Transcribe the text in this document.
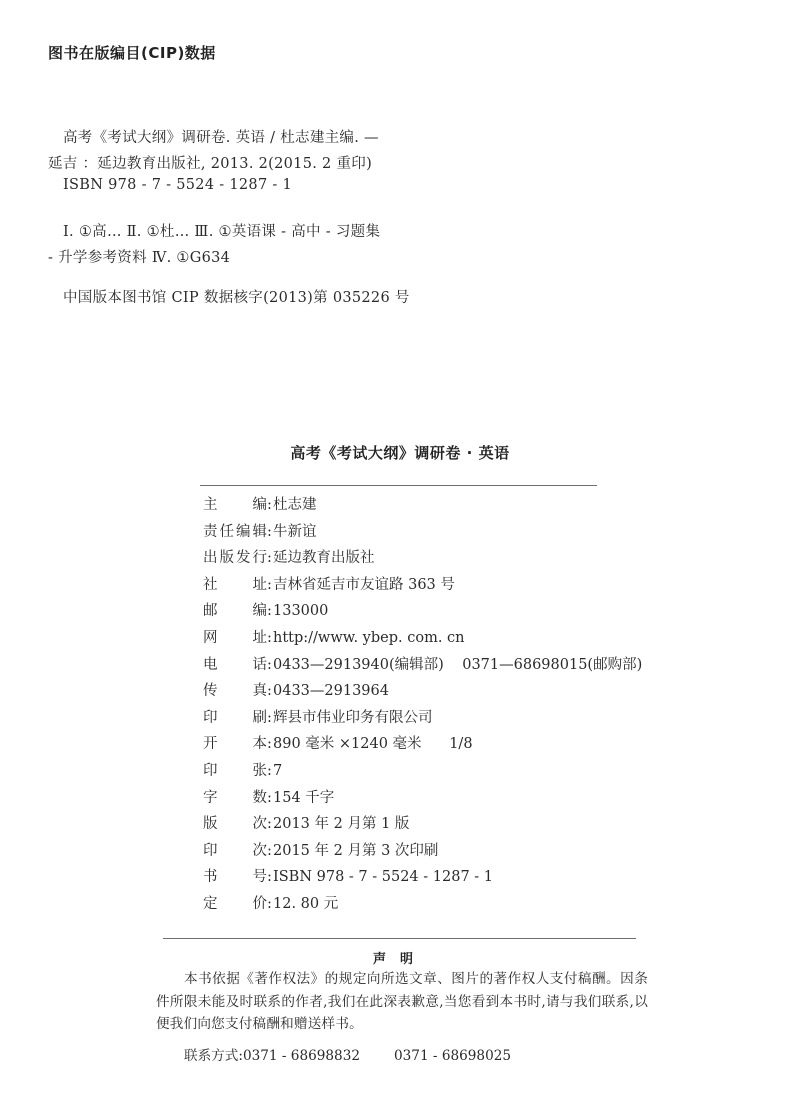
图书在版编目(CIP)数据
高考《考试大纲》调研卷. 英语 / 杜志建主编. —
延吉 ：延边教育出版社, 2013. 2(2015. 2 重印)
ISBN 978 - 7 - 5524 - 1287 - 1
Ⅰ. ①高… Ⅱ. ①杜… Ⅲ. ①英语课 - 高中 - 习题集
- 升学参考资料 Ⅳ. ①G634
中国版本图书馆 CIP 数据核字(2013)第 035226 号
高考《考试大纲》调研卷 · 英语
主 编 : 杜志建
责 任 编 辑 : 牛新谊
出 版 发 行 : 延边教育出版社
社 址 : 吉林省延吉市友谊路 363 号
邮 编 : 133000
网 址 : http://www. ybep. com. cn
电 话 : 0433—2913940(编辑部)    0371—68698015(邮购部)
传 真 : 0433—2913964
印 刷 : 辉县市伟业印务有限公司
开 本 : 890 毫米 ×1240 毫米      1/8
印 张 : 7
字 数 : 154 千字
版 次 : 2013 年 2 月第 1 版
印 次 : 2015 年 2 月第 3 次印刷
书 号 : ISBN 978 - 7 - 5524 - 1287 - 1
定 价 : 12. 80 元
声明
本书依据《著作权法》的规定向所选文章、图片的著作权人支付稿酬。因条件所限未能及时联系的作者,我们在此深表歉意,当您看到本书时,请与我们联系,以便我们向您支付稿酬和赠送样书。
联系方式:0371 - 68698832	0371 - 68698025
